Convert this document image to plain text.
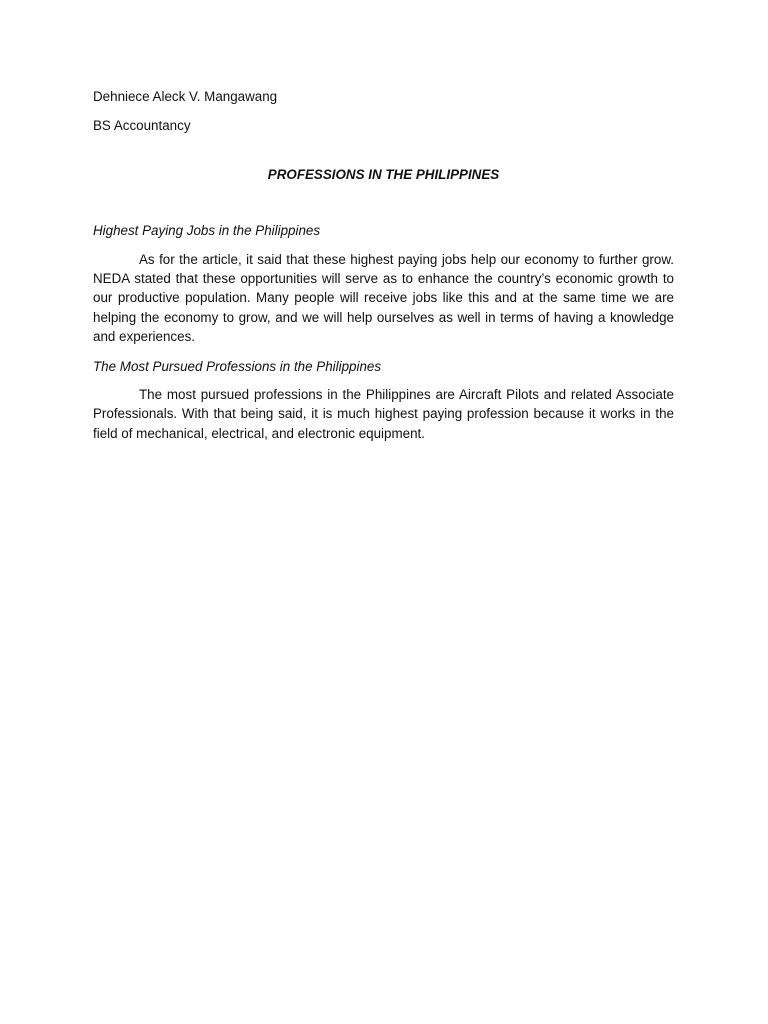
Dehniece Aleck V. Mangawang

BS Accountancy

PROFESSIONS IN THE PHILIPPINES

Highest Paying Jobs in the Philippines

As for the article, it said that these highest paying jobs help our economy to further grow. NEDA stated that these opportunities will serve as to enhance the country’s economic growth to our productive population. Many people will receive jobs like this and at the same time we are helping the economy to grow, and we will help ourselves as well in terms of having a knowledge and experiences.

The Most Pursued Professions in the Philippines

The most pursued professions in the Philippines are Aircraft Pilots and related Associate Professionals. With that being said, it is much highest paying profession because it works in the field of mechanical, electrical, and electronic equipment.
